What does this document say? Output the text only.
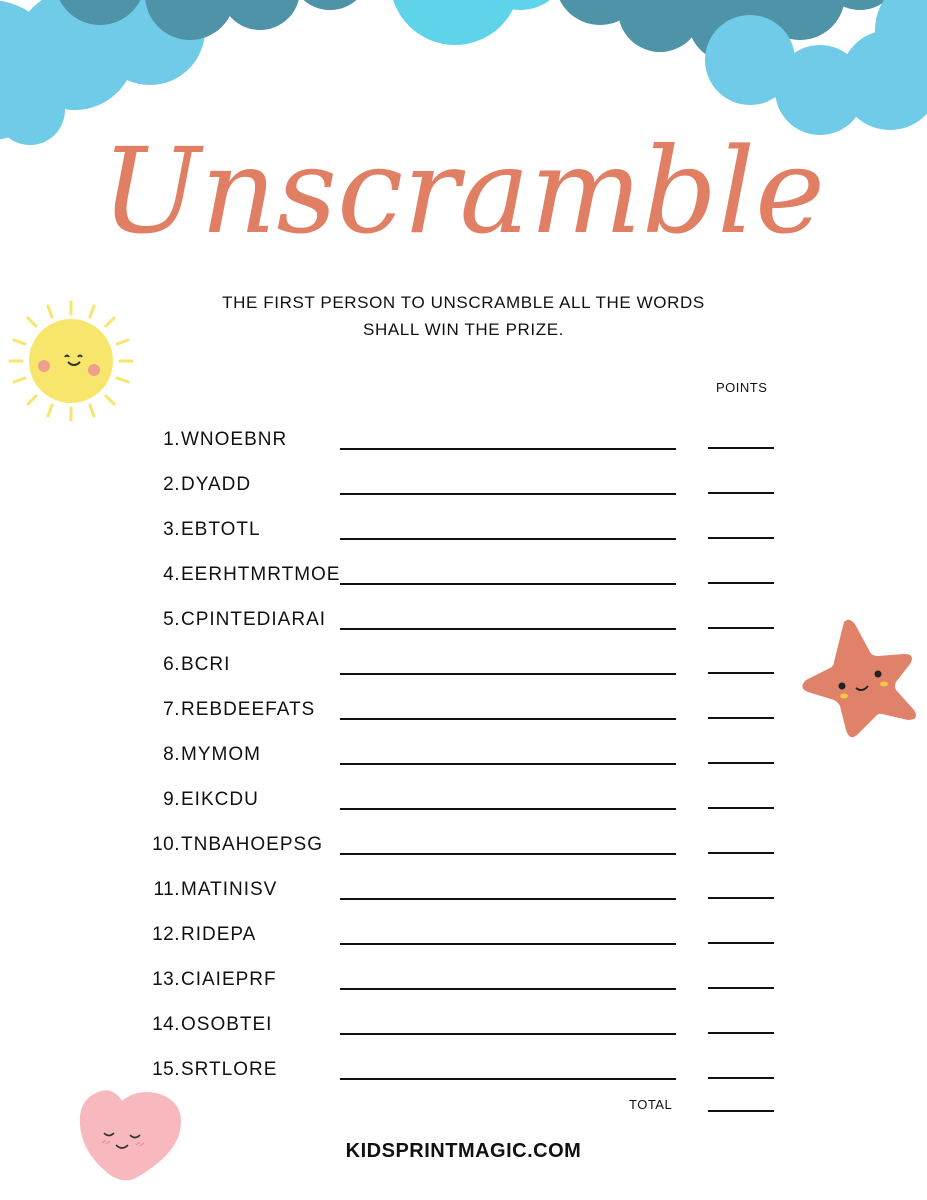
Unscramble
THE FIRST PERSON TO UNSCRAMBLE ALL THE WORDS
SHALL WIN THE PRIZE.
POINTS
1. WNOEBNR
2. DYADD
3. EBTOTL
4. EERHTMRTMOE
5. CPINTEDIARAI
6. BCRI
7. REBDEEFATS
8. MYMOM
9. EIKCDU
10. TNBAHOEPSG
11. MATINISV
12. RIDEPA
13. CIAIEPRF
14. OSOBTEI
15. SRTLORE
TOTAL
KIDSPRINTMAGIC.COM
